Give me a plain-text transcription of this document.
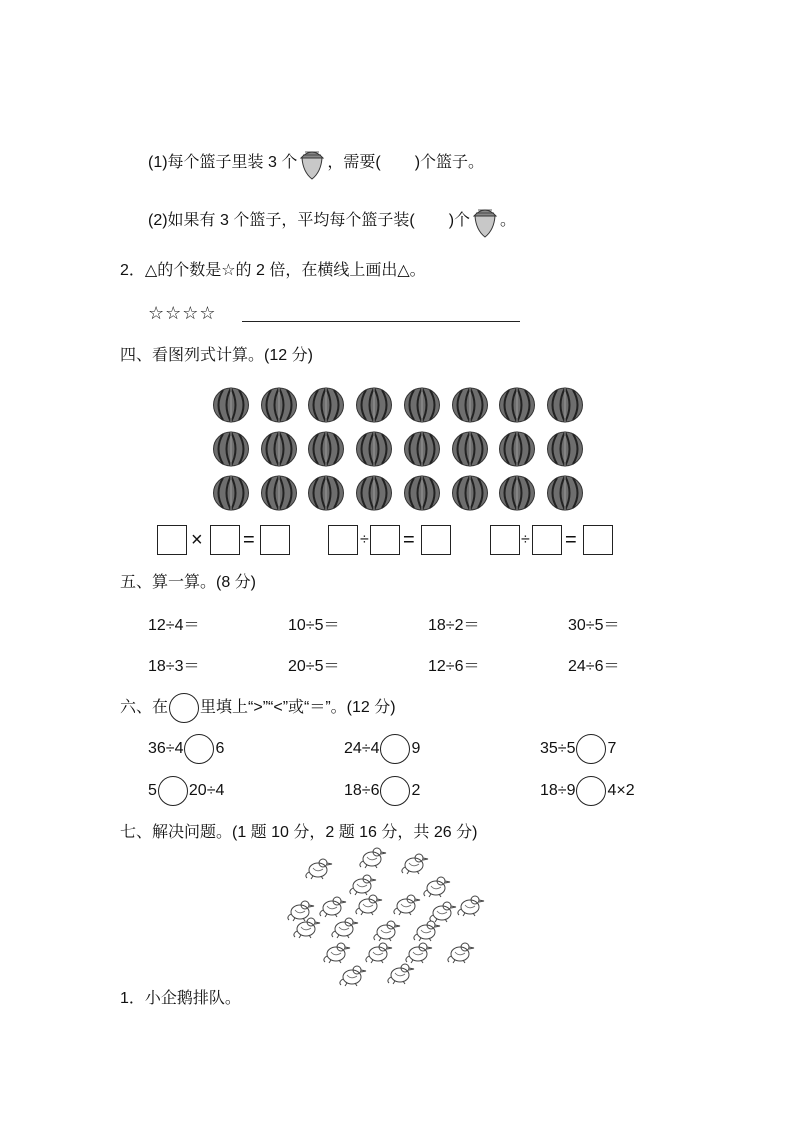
(1)每个篮子里装 3 个 ，需要( )个篮子。
(2)如果有 3 个篮子，平均每个篮子装( )个 。
2．△的个数是☆的 2 倍，在横线上画出△。
☆☆☆☆
四、看图列式计算。(12 分)
× =	÷ =	÷ =
五、算一算。(8 分)
12÷4＝	10÷5＝	18÷2＝	30÷5＝
18÷3＝	20÷5＝	12÷6＝	24÷6＝
六、在 里填上“>”“<”或“＝”。(12 分)
36÷4 6	24÷4 9	35÷5 7
5 20÷4	18÷6 2	18÷9 4×2
七、解决问题。(1 题 10 分，2 题 16 分，共 26 分)
1．小企鹅排队。
